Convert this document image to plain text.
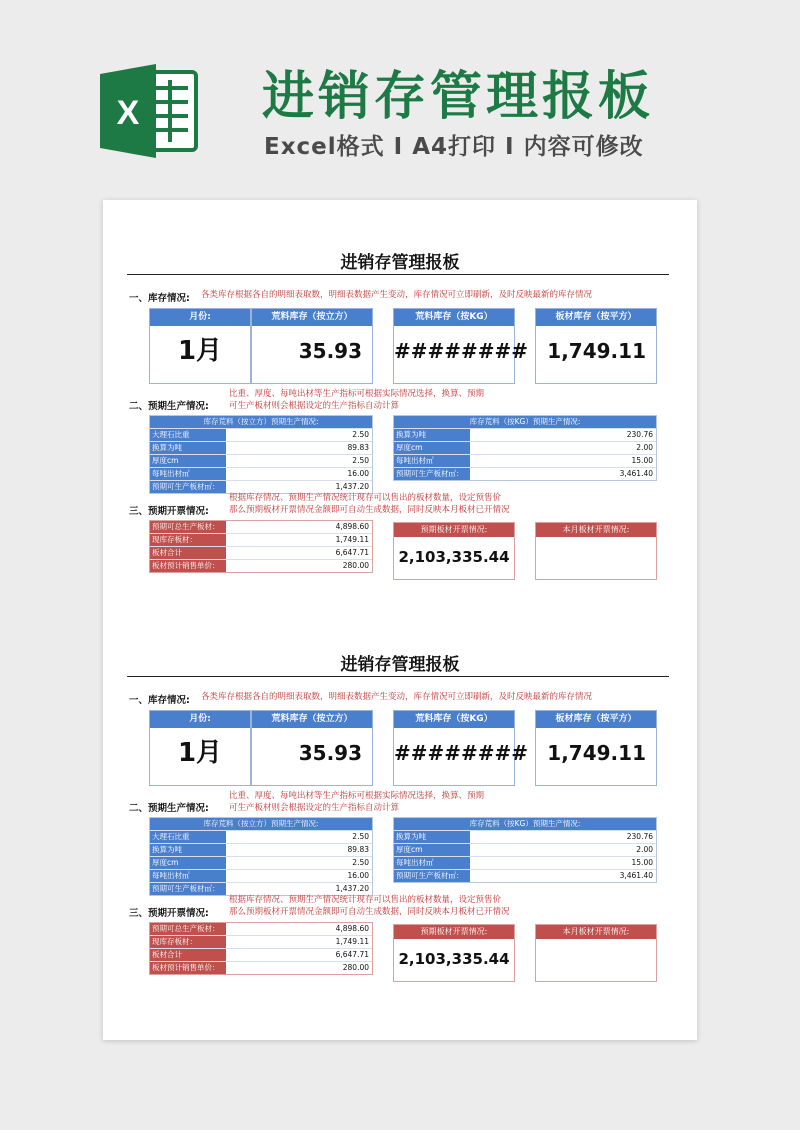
X 进销存管理报板
Excel格式 I A4打印 I 内容可修改
进销存管理报板
一、库存情况: 各类库存根据各自的明细表取数，明细表数据产生变动，库存情况可立即刷新，及时反映最新的库存情况
月份:
1月
荒料库存（按立方）
35.93
荒料库存（按KG）
########
板材库存（按平方）
1,749.11
二、预期生产情况:
比重、厚度、每吨出材等生产指标可根据实际情况选择，换算、预期
可生产板材则会根据设定的生产指标自动计算
库存荒料（按立方）预期生产情况:
大理石比重	2.50
换算为吨	89.83
厚度cm	2.50
每吨出材㎡	16.00
预期可生产板材㎡：	1,437.20
库存荒料（按KG）预期生产情况:
换算为吨	230.76
厚度cm	2.00
每吨出材㎡	15.00
预期可生产板材㎡：	3,461.40
三、预期开票情况:
根据库存情况、预期生产情况统计现存可以售出的板材数量，设定预售价
那么预期板材开票情况金额即可自动生成数据，同时反映本月板材已开情况
预期可总生产板材：	4,898.60
现库存板材：	1,749.11
板材合计	6,647.71
板材预计销售单价：	280.00
预期板材开票情况:
2,103,335.44
本月板材开票情况:
进销存管理报板
一、库存情况: 各类库存根据各自的明细表取数，明细表数据产生变动，库存情况可立即刷新，及时反映最新的库存情况
月份:
1月
荒料库存（按立方）
35.93
荒料库存（按KG）
########
板材库存（按平方）
1,749.11
二、预期生产情况:
比重、厚度、每吨出材等生产指标可根据实际情况选择，换算、预期
可生产板材则会根据设定的生产指标自动计算
库存荒料（按立方）预期生产情况:
大理石比重	2.50
换算为吨	89.83
厚度cm	2.50
每吨出材㎡	16.00
预期可生产板材㎡：	1,437.20
库存荒料（按KG）预期生产情况:
换算为吨	230.76
厚度cm	2.00
每吨出材㎡	15.00
预期可生产板材㎡：	3,461.40
三、预期开票情况:
根据库存情况、预期生产情况统计现存可以售出的板材数量，设定预售价
那么预期板材开票情况金额即可自动生成数据，同时反映本月板材已开情况
预期可总生产板材：	4,898.60
现库存板材：	1,749.11
板材合计	6,647.71
板材预计销售单价：	280.00
预期板材开票情况:
2,103,335.44
本月板材开票情况:
